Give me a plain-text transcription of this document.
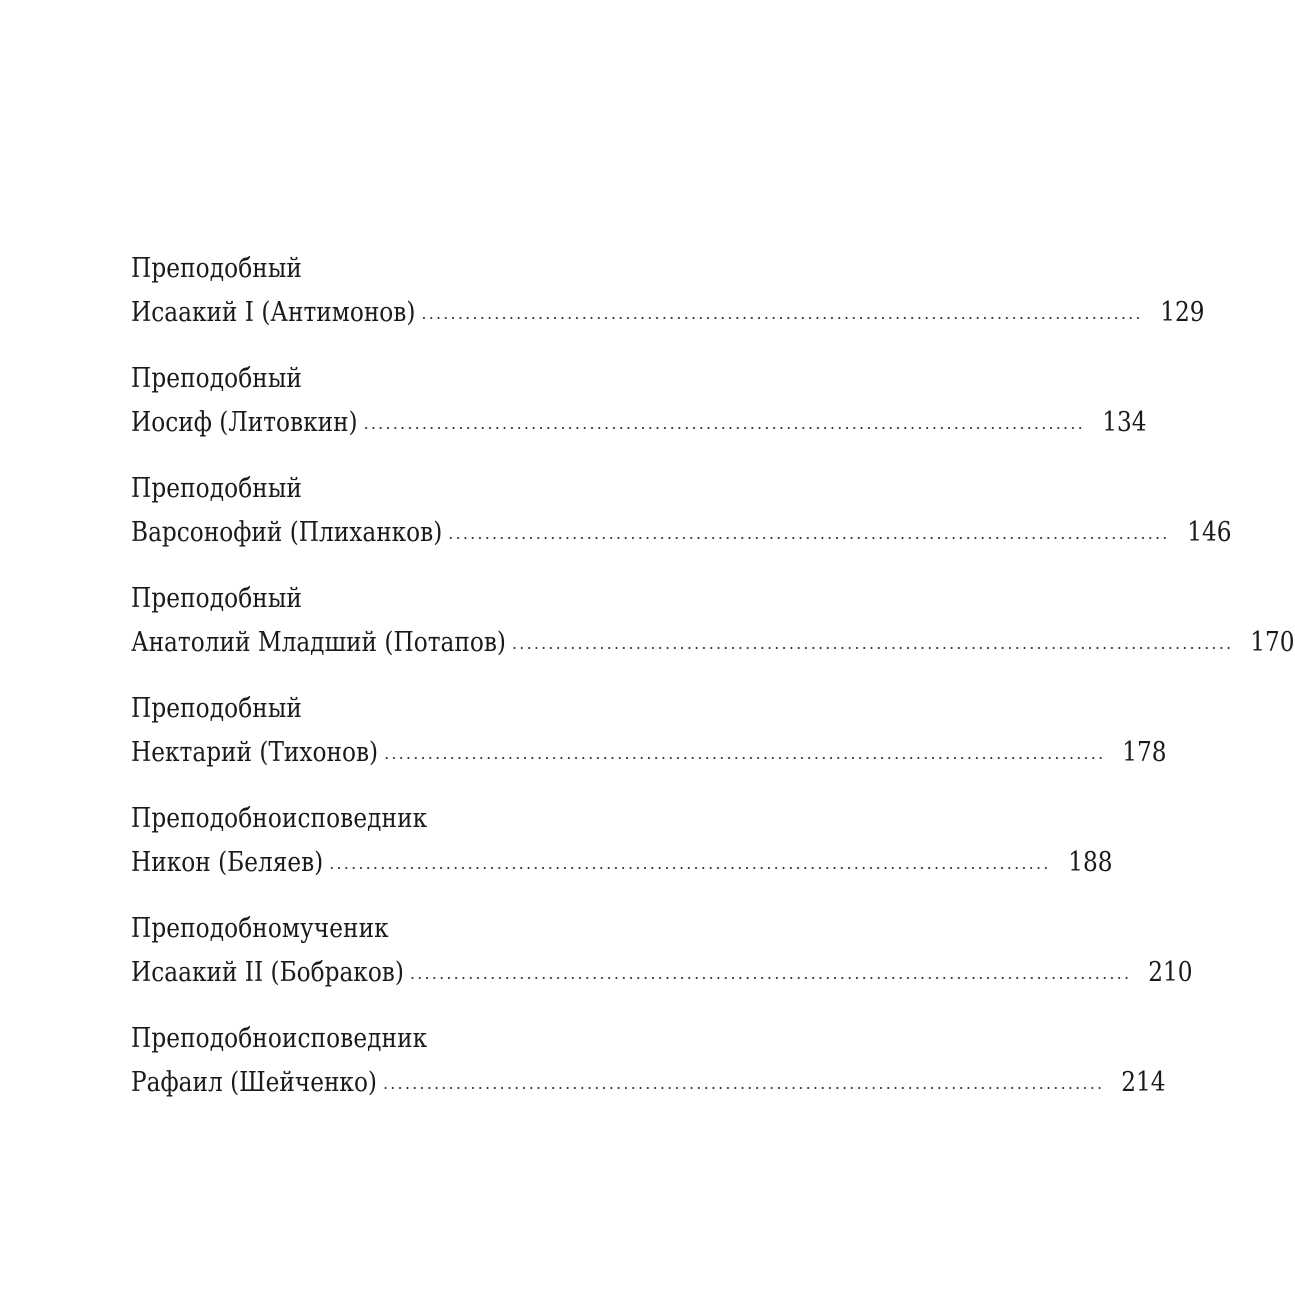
Преподобный
Исаакий I (Антимонов) ................................................................................................... 129
Преподобный
Иосиф (Литовкин) ................................................................................................... 134
Преподобный
Варсонофий (Плиханков) ................................................................................................... 146
Преподобный
Анатолий Младший (Потапов) ................................................................................................... 170
Преподобный
Нектарий (Тихонов) ................................................................................................... 178
Преподобноисповедник
Никон (Беляев) ................................................................................................... 188
Преподобномученик
Исаакий II (Бобраков) ................................................................................................... 210
Преподобноисповедник
Рафаил (Шейченко) ................................................................................................... 214
